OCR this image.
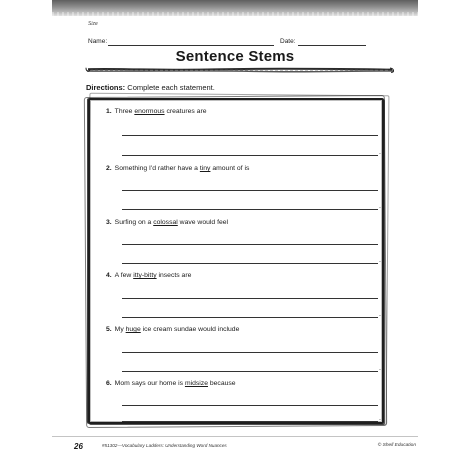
Size
Name:	Date:
Sentence Stems
Directions: Complete each statement.
1. Three enormous creatures are
.
2. Something I'd rather have a tiny amount of is
.
3. Surfing on a colossal wave would feel
.
4. A few itty-bitty insects are
.
5. My huge ice cream sundae would include
.
6. Mom says our home is midsize because
.
26	#51302—Vocabulary Ladders: Understanding Word Nuances	© Shell Education
